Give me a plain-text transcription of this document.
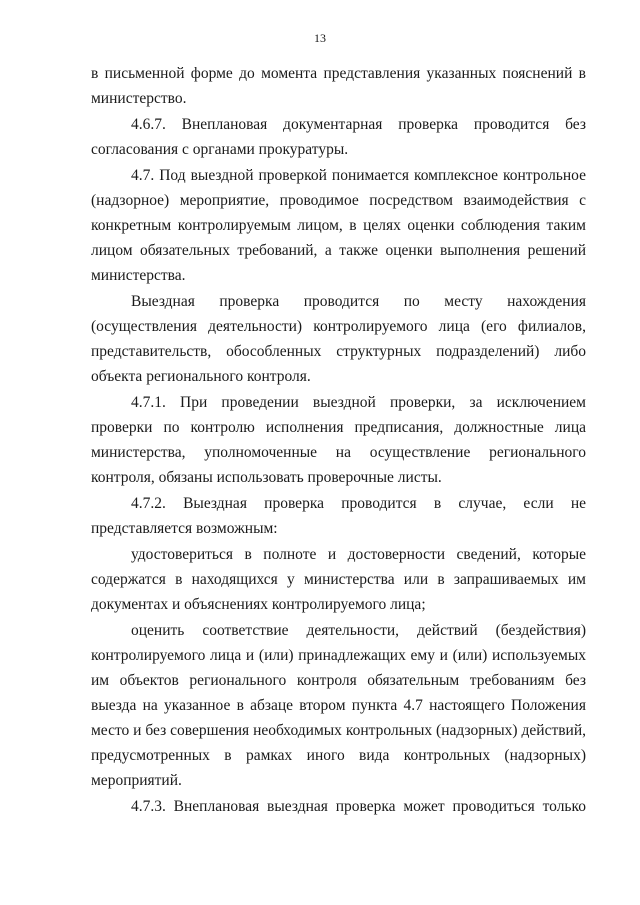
13

в письменной форме до момента представления указанных пояснений в министерство.

4.6.7. Внеплановая документарная проверка проводится без согласования с органами прокуратуры.

4.7. Под выездной проверкой понимается комплексное контрольное (надзорное) мероприятие, проводимое посредством взаимодействия с конкретным контролируемым лицом, в целях оценки соблюдения таким лицом обязательных требований, а также оценки выполнения решений министерства.

Выездная проверка проводится по месту нахождения (осуществления деятельности) контролируемого лица (его филиалов, представительств, обособленных структурных подразделений) либо объекта регионального контроля.

4.7.1. При проведении выездной проверки, за исключением проверки по контролю исполнения предписания, должностные лица министерства, уполномоченные на осуществление регионального контроля, обязаны использовать проверочные листы.

4.7.2. Выездная проверка проводится в случае, если не представляется возможным:

удостовериться в полноте и достоверности сведений, которые содержатся в находящихся у министерства или в запрашиваемых им документах и объяснениях контролируемого лица;

оценить соответствие деятельности, действий (бездействия) контролируемого лица и (или) принадлежащих ему и (или) используемых им объектов регионального контроля обязательным требованиям без выезда на указанное в абзаце втором пункта 4.7 настоящего Положения место и без совершения необходимых контрольных (надзорных) действий, предусмотренных в рамках иного вида контрольных (надзорных) мероприятий.

4.7.3. Внеплановая выездная проверка может проводиться только
